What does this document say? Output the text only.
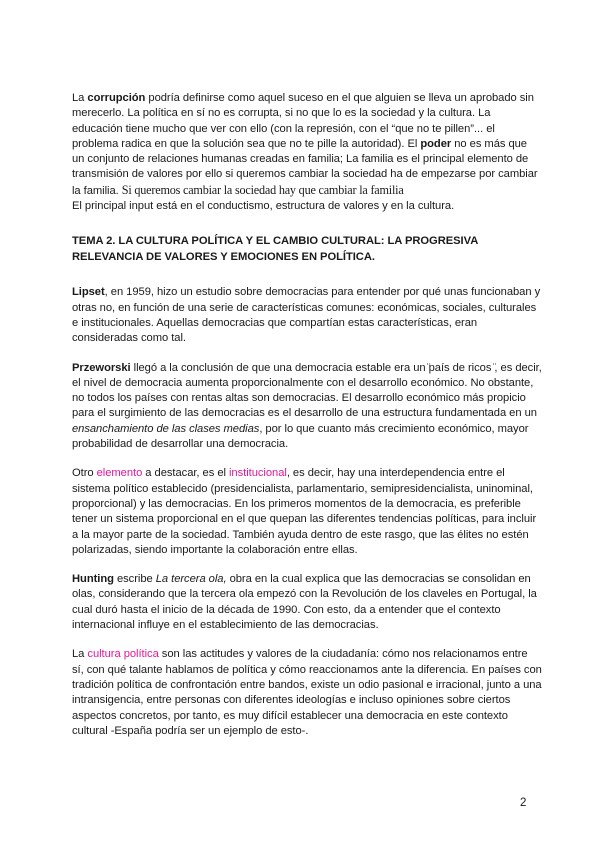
La corrupción podría definirse como aquel suceso en el que alguien se lleva un aprobado sin merecerlo. La política en sí no es corrupta, si no que lo es la sociedad y la cultura. La educación tiene mucho que ver con ello (con la represión, con el “que no te pillen”... el problema radica en que la solución sea que no te pille la autoridad). El poder no es más que un conjunto de relaciones humanas creadas en familia; La familia es el principal elemento de transmisión de valores por ello si queremos cambiar la sociedad ha de empezarse por cambiar la familia. Si queremos cambiar la sociedad hay que cambiar la familia

El principal input está en el conductismo, estructura de valores y en la cultura.

TEMA 2. LA CULTURA POLÍTICA Y EL CAMBIO CULTURAL: LA PROGRESIVA RELEVANCIA DE VALORES Y EMOCIONES EN POLÍTICA.

Lipset, en 1959, hizo un estudio sobre democracias para entender por qué unas funcionaban y otras no, en función de una serie de características comunes: económicas, sociales, culturales e institucionales. Aquellas democracias que compartían estas características, eran consideradas como tal.

Przeworski llegó a la conclusión de que una democracia estable era un ̈país de ricos ̈, es decir, el nivel de democracia aumenta proporcionalmente con el desarrollo económico. No obstante, no todos los países con rentas altas son democracias. El desarrollo económico más propicio para el surgimiento de las democracias es el desarrollo de una estructura fundamentada en un ensanchamiento de las clases medias, por lo que cuanto más crecimiento económico, mayor probabilidad de desarrollar una democracia.

Otro elemento a destacar, es el institucional, es decir, hay una interdependencia entre el sistema político establecido (presidencialista, parlamentario, semipresidencialista, uninominal, proporcional) y las democracias. En los primeros momentos de la democracia, es preferible tener un sistema proporcional en el que quepan las diferentes tendencias políticas, para incluir a la mayor parte de la sociedad. También ayuda dentro de este rasgo, que las élites no estén polarizadas, siendo importante la colaboración entre ellas.

Hunting escribe La tercera ola, obra en la cual explica que las democracias se consolidan en olas, considerando que la tercera ola empezó con la Revolución de los claveles en Portugal, la cual duró hasta el inicio de la década de 1990. Con esto, da a entender que el contexto internacional influye en el establecimiento de las democracias.

La cultura política son las actitudes y valores de la ciudadanía: cómo nos relacionamos entre sí, con qué talante hablamos de política y cómo reaccionamos ante la diferencia. En países con tradición política de confrontación entre bandos, existe un odio pasional e irracional, junto a una intransigencia, entre personas con diferentes ideologías e incluso opiniones sobre ciertos aspectos concretos, por tanto, es muy difícil establecer una democracia en este contexto cultural -España podría ser un ejemplo de esto-.

2
